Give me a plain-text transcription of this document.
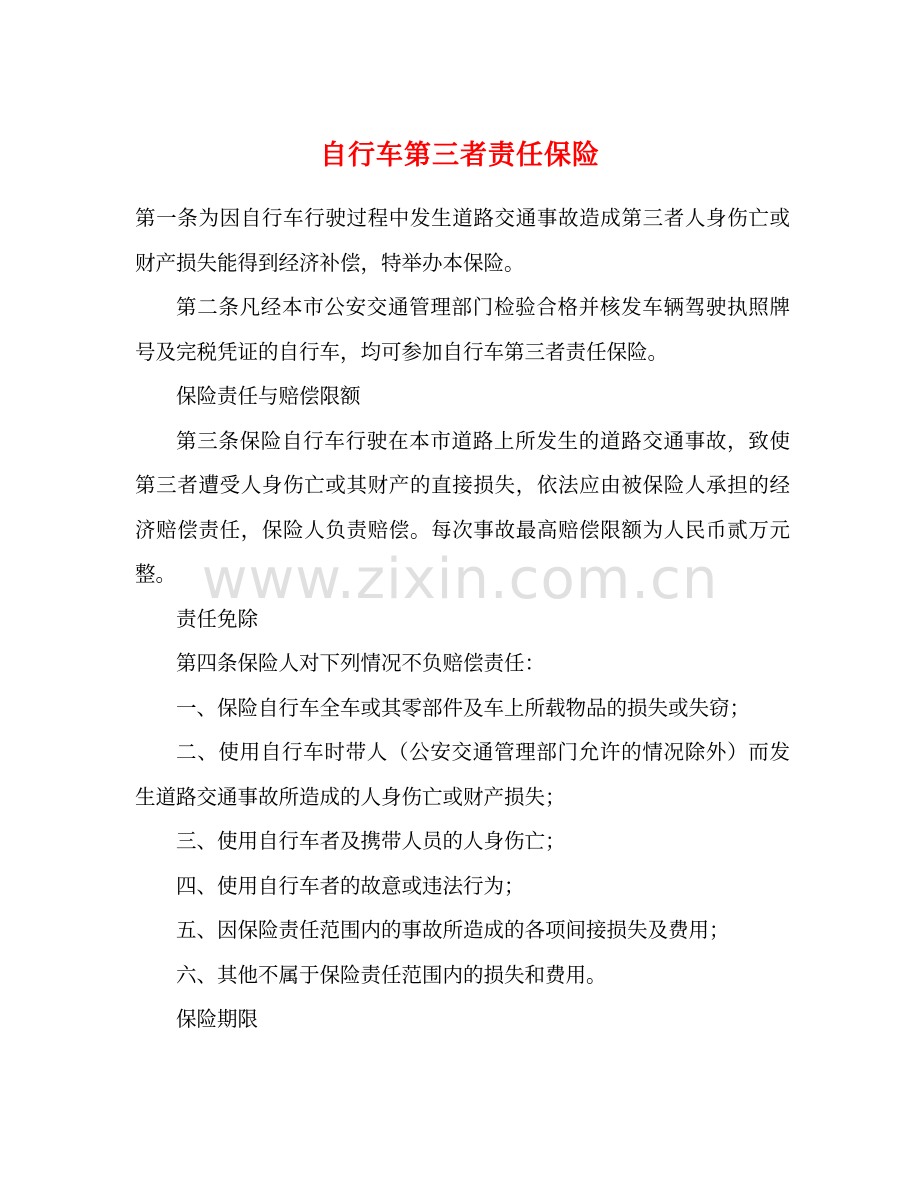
自行车第三者责任保险

第一条为因自行车行驶过程中发生道路交通事故造成第三者人身伤亡或财产损失能得到经济补偿，特举办本保险。

第二条凡经本市公安交通管理部门检验合格并核发车辆驾驶执照牌号及完税凭证的自行车，均可参加自行车第三者责任保险。

保险责任与赔偿限额

第三条保险自行车行驶在本市道路上所发生的道路交通事故，致使第三者遭受人身伤亡或其财产的直接损失，依法应由被保险人承担的经济赔偿责任，保险人负责赔偿。每次事故最高赔偿限额为人民币贰万元整。

责任免除

第四条保险人对下列情况不负赔偿责任：

一、保险自行车全车或其零部件及车上所载物品的损失或失窃；

二、使用自行车时带人（公安交通管理部门允许的情况除外）而发生道路交通事故所造成的人身伤亡或财产损失；

三、使用自行车者及携带人员的人身伤亡；

四、使用自行车者的故意或违法行为；

五、因保险责任范围内的事故所造成的各项间接损失及费用；

六、其他不属于保险责任范围内的损失和费用。

保险期限

www.zixin.com.cn
